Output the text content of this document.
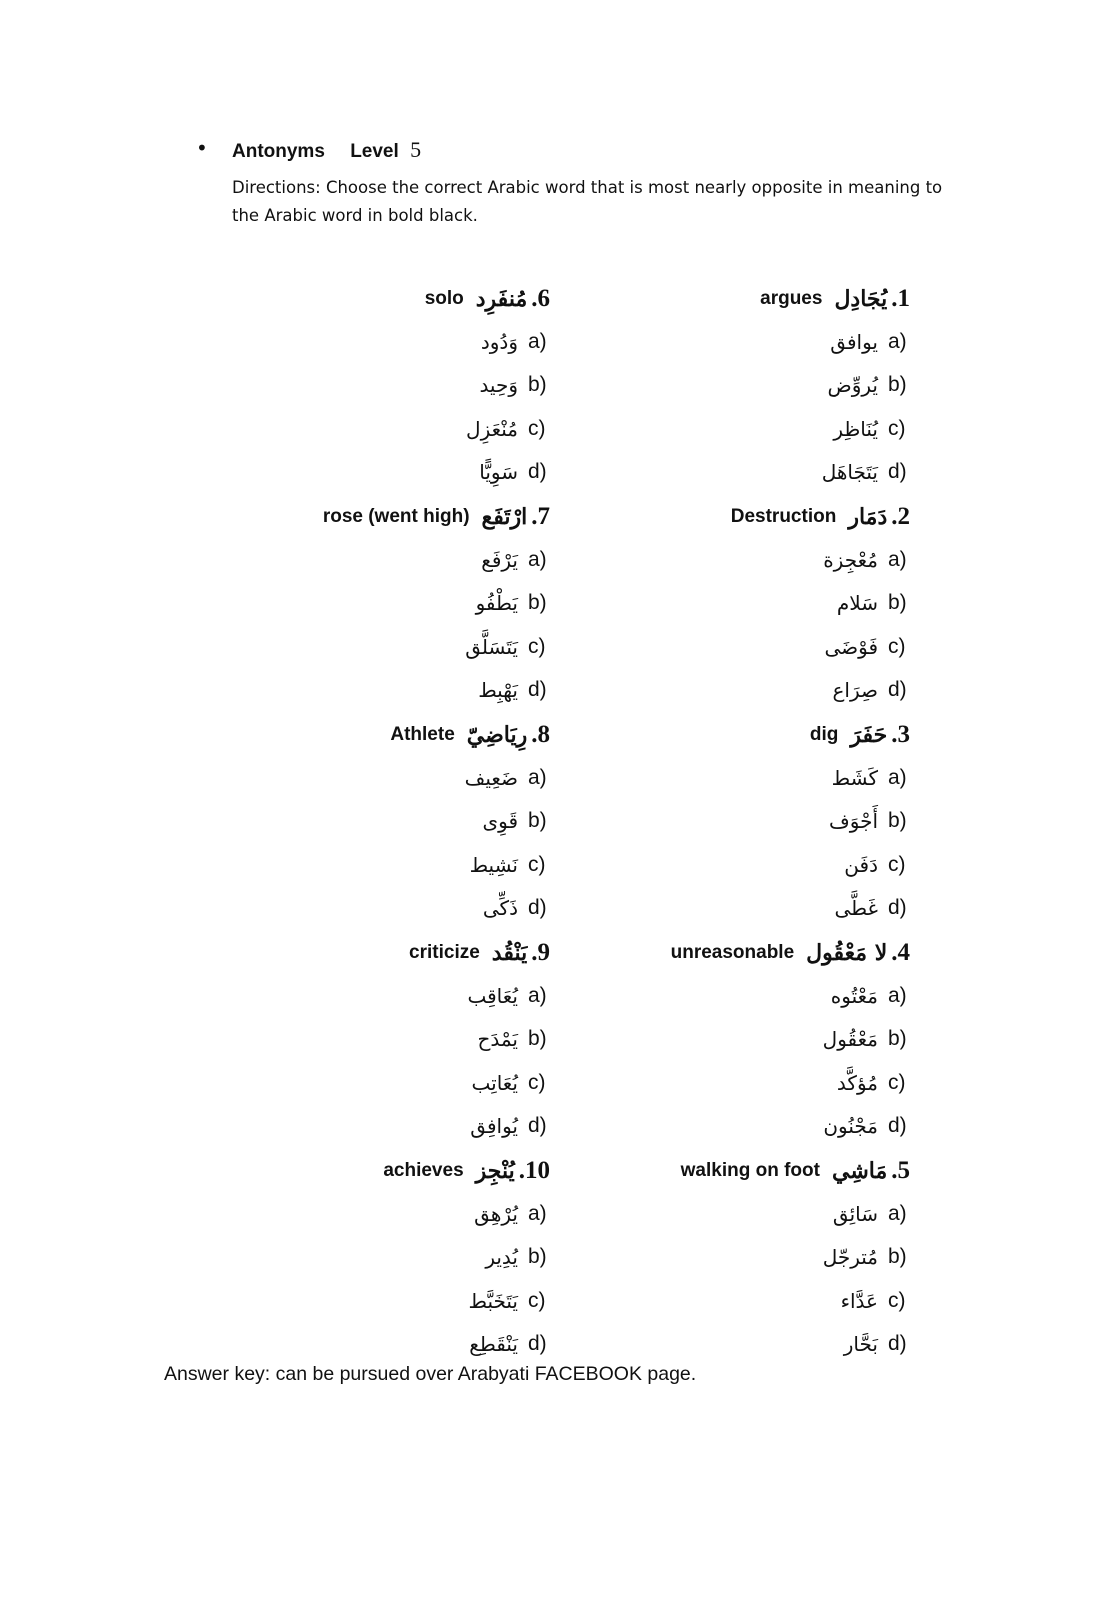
• Antonyms Level 5
Directions: Choose the correct Arabic word that is most nearly opposite in meaning to the Arabic word in bold black.
argues يُجَادِل .1
يوافق a)
يُروِّض b)
يُنَاظِر c)
يَتَجَاهَل d)
Destruction دَمَار .2
مُعْجِزة a)
سَلام b)
فَوْضَى c)
صِرَاع d)
dig حَفَرَ .3
كَشَط a)
أَجْوَف b)
دَفَن c)
غَطَّى d)
unreasonable لا مَعْقُول .4
مَعْتُوه a)
مَعْقُول b)
مُؤكَّد c)
مَجْنُون d)
walking on foot مَاشِي .5
سَائِق a)
مُترجّل b)
عَدَّاء c)
بَحَّار d)
solo مُنفَرِد .6
وَدُود a)
وَحِيد b)
مُنْعَزِل c)
سَوِيًّا d)
rose (went high) ارْتَفَع .7
يَرْفَع a)
يَطْفُو b)
يَتَسَلَّق c)
يَهْبِط d)
Athlete رِيَاضِيّ .8
ضَعِيف a)
قَوِى b)
نَشِيط c)
ذَكِّى d)
criticize يَنْقُد .9
يُعَاقِب a)
يَمْدَح b)
يُعَاتِب c)
يُوافِق d)
achieves يُنْجِز .10
يُرْهِق a)
يُدِير b)
يَتَخَبَّط c)
يَنْقَطِع d)
Answer key: can be pursued over Arabyati FACEBOOK page.
